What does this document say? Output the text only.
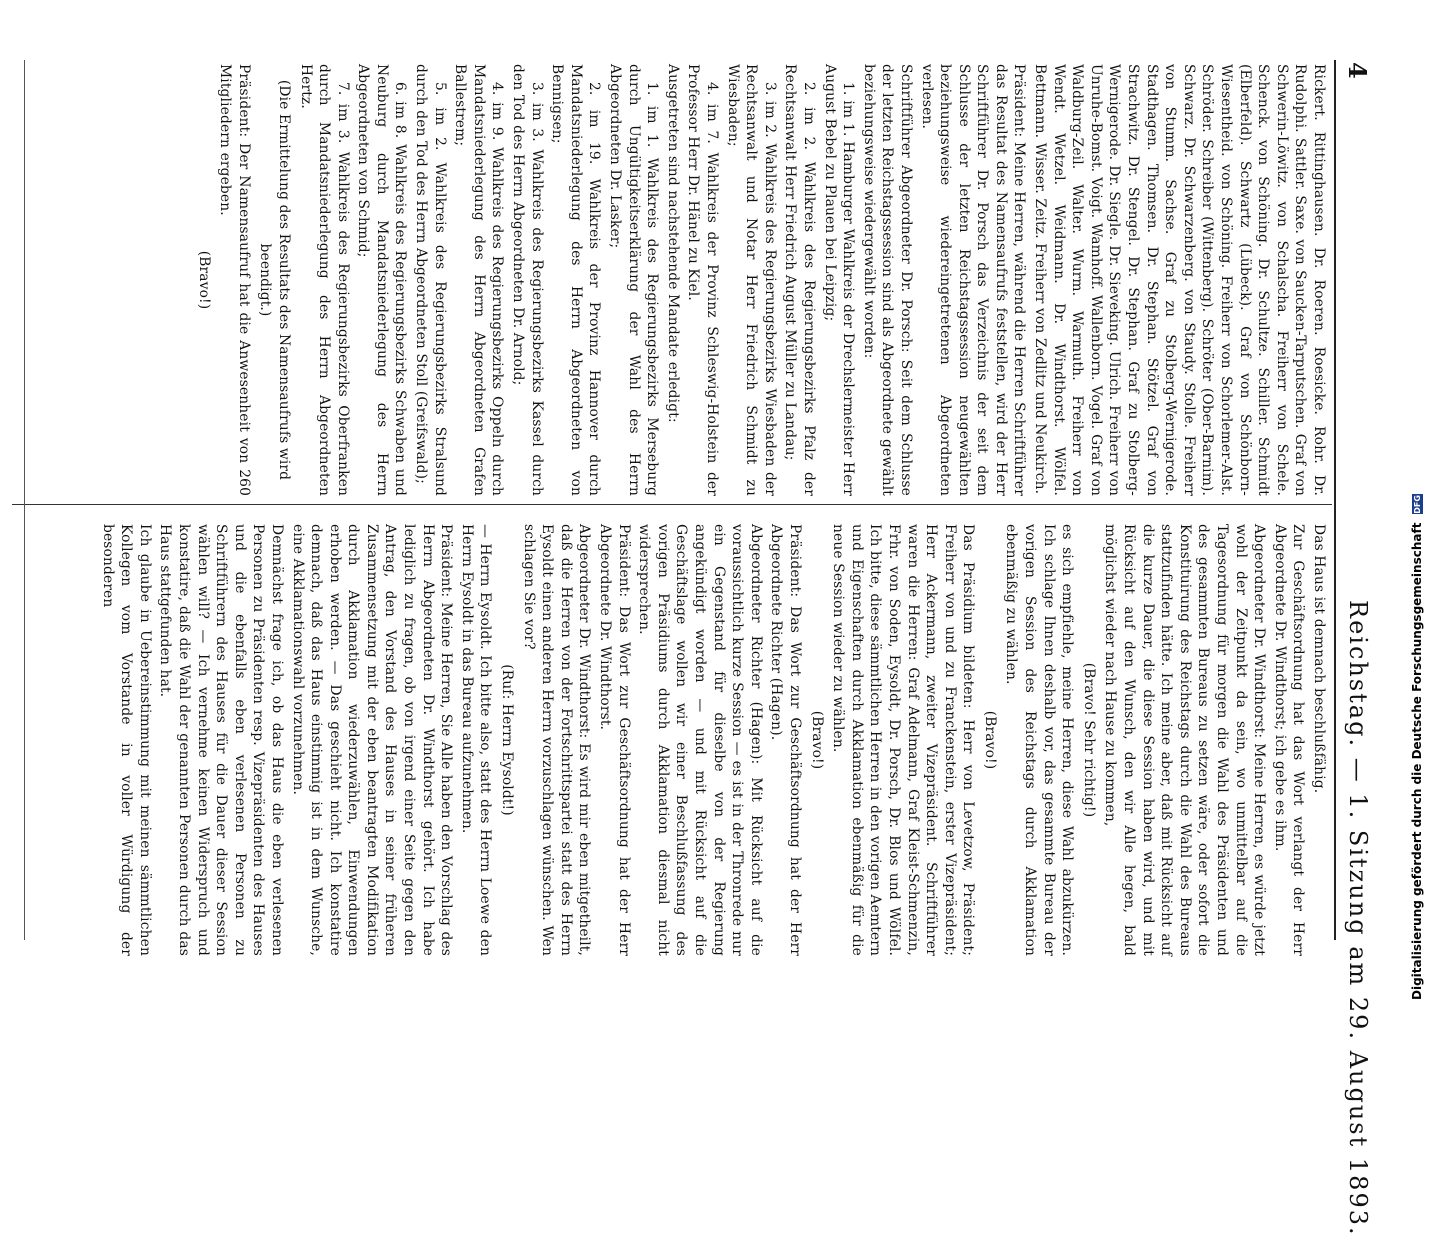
4
Reichstag. — 1. Sitzung am 29. August 1893.

Rickert. Rittinghausen. Dr. Roeren. Roesicke. Rohr. Dr. Rudolphi. Sattler. Saxe. von Saucken-Tarputschen. Graf von Schwerin-Löwitz. von Schalscha. Freiherr von Schele. Schenck. von Schöning. Dr. Schultze. Schiller. Schmidt (Elberfeld). Schwartz (Lübeck). Graf von Schönborn-Wiesentheid. von Schöning. Freiherr von Schorlemer-Alst. Schröder. Schreiber (Wittenberg). Schröter (Ober-Barnim). Schwarz. Dr. Schwarzenberg. von Staudy. Stolle. Freiherr von Stumm. Sachse. Graf zu Stolberg-Wernigerode. Stadthagen. Thomsen. Dr. Stephan. Stötzel. Graf von Strachwitz. Dr. Stengel. Dr. Stephan. Graf zu Stolberg-Wernigerode. Dr. Siegle. Dr. Sieveking. Ulrich. Freiherr von Unruhe-Bomst. Voigt. Wamhoff. Wallenborn. Vogel. Graf von Waldburg-Zeil. Walter. Wurm. Warmuth. Freiherr von Wendt. Wetzel. Weidmann. Dr. Windthorst. Wölfel. Bettmann. Wisser. Zeitz. Freiherr von Zedlitz und Neukirch.

Präsident: Meine Herren, während die Herren Schriftführer das Resultat des Namensaufrufs feststellen, wird der Herr Schriftführer Dr. Porsch das Verzeichnis der seit dem Schlusse der letzten Reichstagssession neugewählten beziehungsweise wiedereingetretenen Abgeordneten verlesen.

Schriftführer Abgeordneter Dr. Porsch: Seit dem Schlusse der letzten Reichstagssession sind als Abgeordnete gewählt beziehungsweise wiedergewählt worden:

1. im 1. Hamburger Wahlkreis der Drechslermeister Herr August Bebel zu Plauen bei Leipzig;

2. im 2. Wahlkreis des Regierungsbezirks Pfalz der Rechtsanwalt Herr Friedrich August Müller zu Landau;

3. im 2. Wahlkreis des Regierungsbezirks Wiesbaden der Rechtsanwalt und Notar Herr Friedrich Schmidt zu Wiesbaden;

4. im 7. Wahlkreis der Provinz Schleswig-Holstein der Professor Herr Dr. Hänel zu Kiel.

Ausgetreten sind nachstehende Mandate erledigt:

1. im 1. Wahlkreis des Regierungsbezirks Merseburg durch Ungültigkeitserklärung der Wahl des Herrn Abgeordneten Dr. Lasker;

2. im 19. Wahlkreis der Provinz Hannover durch Mandatsniederlegung des Herrn Abgeordneten von Bennigsen;

3. im 3. Wahlkreis des Regierungsbezirks Kassel durch den Tod des Herrn Abgeordneten Dr. Arnold;

4. im 9. Wahlkreis des Regierungsbezirks Oppeln durch Mandatsniederlegung des Herrn Abgeordneten Grafen Ballestrem;

5. im 2. Wahlkreis des Regierungsbezirks Stralsund durch den Tod des Herrn Abgeordneten Stoll (Greifswald);

6. im 8. Wahlkreis des Regierungsbezirks Schwaben und Neuburg durch Mandatsniederlegung des Herrn Abgeordneten von Schmid;

7. im 3. Wahlkreis des Regierungsbezirks Oberfranken durch Mandatsniederlegung des Herrn Abgeordneten Hertz.

(Die Ermittelung des Resultats des Namensaufrufs wird beendigt.)

Präsident: Der Namensaufruf hat die Anwesenheit von 260 Mitgliedern ergeben.

(Bravo!)

Das Haus ist demnach beschlußfähig.

Zur Geschäftsordnung hat das Wort verlangt der Herr Abgeordnete Dr. Windthorst; ich gebe es ihm.

Abgeordneter Dr. Windthorst: Meine Herren, es würde jetzt wohl der Zeitpunkt da sein, wo unmittelbar auf die Tagesordnung für morgen die Wahl des Präsidenten und des gesammten Bureaus zu setzen wäre, oder sofort die Konstituirung des Reichstags durch die Wahl des Bureaus stattzufinden hätte. Ich meine aber, daß mit Rücksicht auf die kurze Dauer, die diese Session haben wird, und mit Rücksicht auf den Wunsch, den wir Alle hegen, bald möglichst wieder nach Hause zu kommen,

(Bravo! Sehr richtig!)

es sich empfiehle, meine Herren, diese Wahl abzukürzen. Ich schlage Ihnen deshalb vor, das gesammte Bureau der vorigen Session des Reichstags durch Akklamation ebenmäßig zu wählen.

(Bravo!)

Das Präsidium bildeten: Herr von Levetzow, Präsident; Freiherr von und zu Franckenstein, erster Vizepräsident; Herr Ackermann, zweiter Vizepräsident. Schriftführer waren die Herren: Graf Adelmann, Graf Kleist-Schmenzin, Frhr. von Soden, Eysoldt, Dr. Porsch, Dr. Blos und Wölfel. Ich bitte, diese sämmtlichen Herren in den vorigen Aemtern und Eigenschaften durch Akklamation ebenmäßig für die neue Session wieder zu wählen.

(Bravo!)

Präsident: Das Wort zur Geschäftsordnung hat der Herr Abgeordnete Richter (Hagen).

Abgeordneter Richter (Hagen): Mit Rücksicht auf die voraussichtlich kurze Session — es ist in der Thronrede nur ein Gegenstand für dieselbe von der Regierung angekündigt worden — und mit Rücksicht auf die Geschäftslage wollen wir einer Beschlußfassung des vorigen Präsidiums durch Akklamation diesmal nicht widersprechen.

Präsident: Das Wort zur Geschäftsordnung hat der Herr Abgeordnete Dr. Windthorst.

Abgeordneter Dr. Windthorst: Es wird mir eben mitgetheilt, daß die Herren von der Fortschrittspartei statt des Herrn Eysoldt einen anderen Herrn vorzuschlagen wünschen. Wen schlagen Sie vor?

(Ruf: Herrn Eysoldt!)

— Herrn Eysoldt. Ich bitte also, statt des Herrn Loewe den Herrn Eysoldt in das Bureau aufzunehmen.

Präsident: Meine Herren, Sie Alle haben den Vorschlag des Herrn Abgeordneten Dr. Windthorst gehört. Ich habe lediglich zu fragen, ob von irgend einer Seite gegen den Antrag, den Vorstand des Hauses in seiner früheren Zusammensetzung mit der eben beantragten Modifikation durch Akklamation wiederzuwählen, Einwendungen erhoben werden. — Das geschieht nicht. Ich konstatire demnach, daß das Haus einstimmig ist in dem Wunsche, eine Akklamationswahl vorzunehmen.

Demnächst frage ich, ob das Haus die eben verlesenen Personen zu Präsidenten resp. Vizepräsidenten des Hauses und die ebenfalls eben verlesenen Personen zu Schriftführern des Hauses für die Dauer dieser Session wählen will? — Ich vernehme keinen Widerspruch und konstatire, daß die Wahl der genannten Personen durch das Haus stattgefunden hat.

Ich glaube in Uebereinstimmung mit meinen sämmtlichen Kollegen vom Vorstande in voller Würdigung der besonderen	Digitalisierung gefördert durch die Deutsche Forschungsgemeinschaft DFG
